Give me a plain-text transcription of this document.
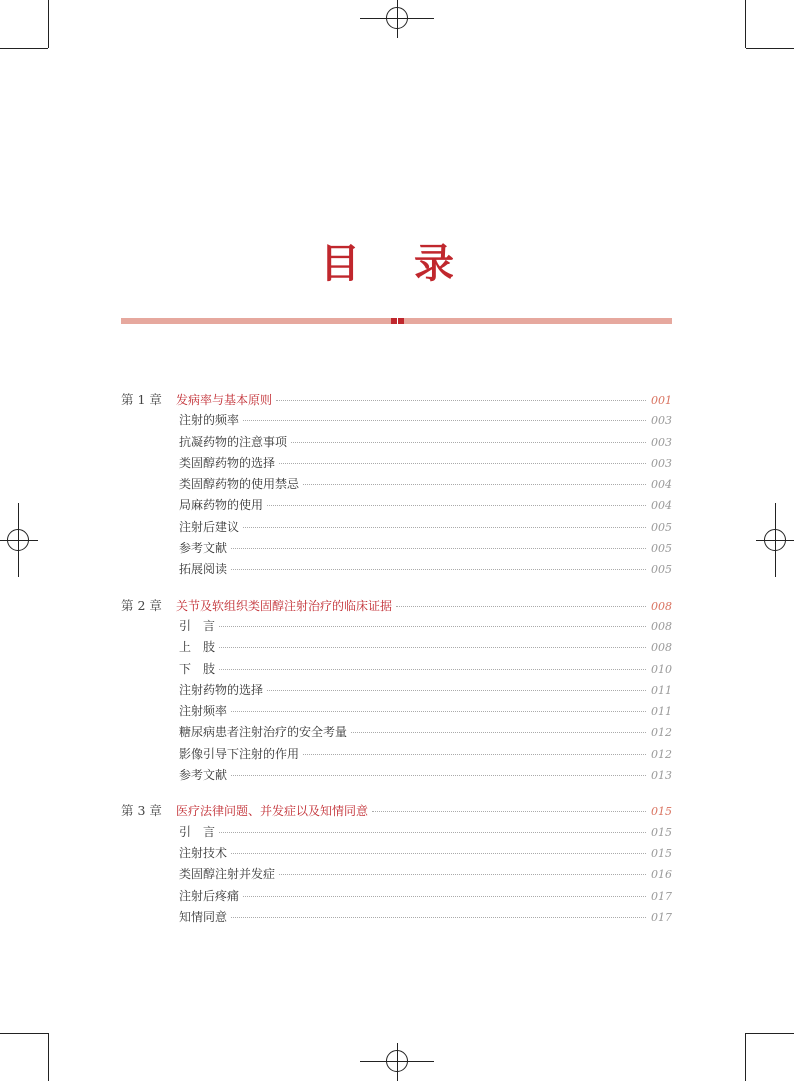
目 录
第 1 章	发病率与基本原则	001
注射的频率	003
抗凝药物的注意事项	003
类固醇药物的选择	003
类固醇药物的使用禁忌	004
局麻药物的使用	004
注射后建议	005
参考文献	005
拓展阅读	005
第 2 章	关节及软组织类固醇注射治疗的临床证据	008
引　言	008
上　肢	008
下　肢	010
注射药物的选择	011
注射频率	011
糖尿病患者注射治疗的安全考量	012
影像引导下注射的作用	012
参考文献	013
第 3 章	医疗法律问题、并发症以及知情同意	015
引　言	015
注射技术	015
类固醇注射并发症	016
注射后疼痛	017
知情同意	017
